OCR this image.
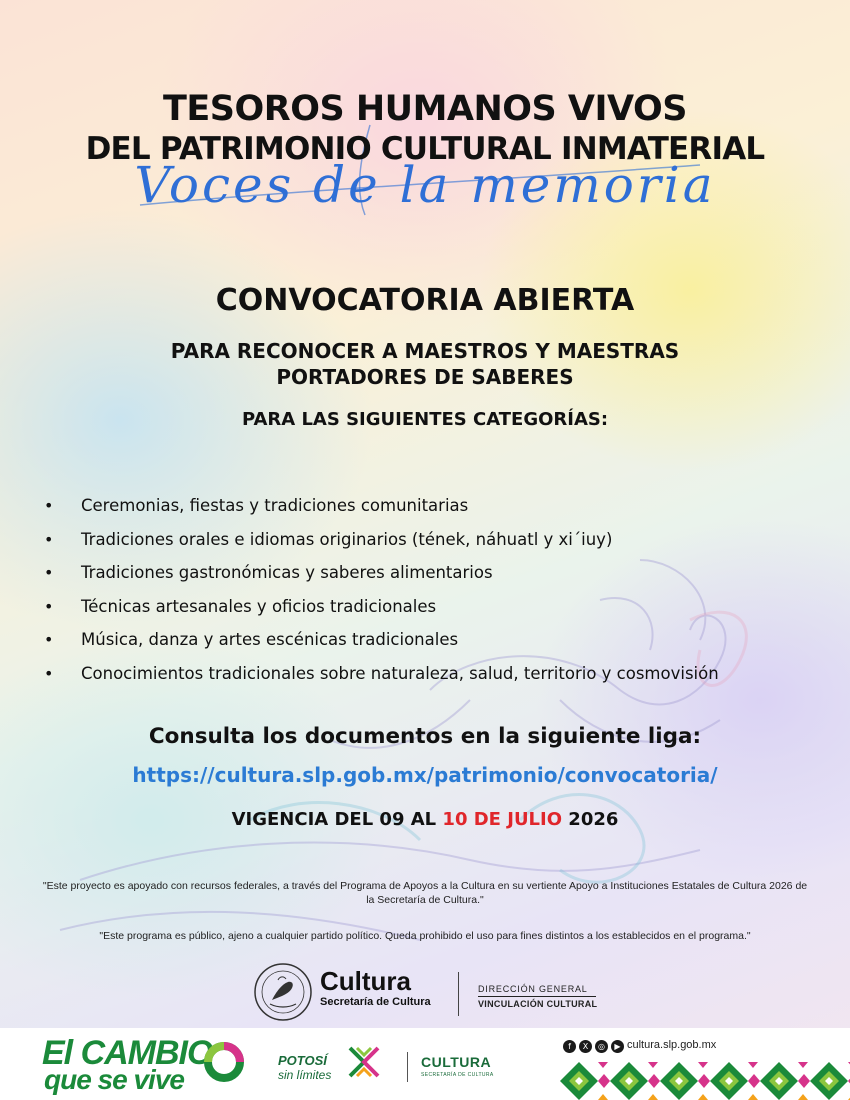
TESOROS HUMANOS VIVOS
DEL PATRIMONIO CULTURAL INMATERIAL
Voces de la memoria
CONVOCATORIA ABIERTA
PARA RECONOCER A MAESTROS Y MAESTRAS
PORTADORES DE SABERES
PARA LAS SIGUIENTES CATEGORÍAS:
• Ceremonias, fiestas y tradiciones comunitarias
• Tradiciones orales e idiomas originarios (tének, náhuatl y xi´iuy)
• Tradiciones gastronómicas y saberes alimentarios
• Técnicas artesanales y oficios tradicionales
• Música, danza y artes escénicas tradicionales
• Conocimientos tradicionales sobre naturaleza, salud, territorio y cosmovisión
Consulta los documentos en la siguiente liga:
https://cultura.slp.gob.mx/patrimonio/convocatoria/
VIGENCIA DEL 09 AL 10 DE JULIO 2026
"Este proyecto es apoyado con recursos federales, a través del Programa de Apoyos a la Cultura en su vertiente Apoyo a Instituciones Estatales de Cultura 2026 de la Secretaría de Cultura."
"Este programa es público, ajeno a cualquier partido político. Queda prohibido el uso para fines distintos a los establecidos en el programa."
Cultura
Secretaría de Cultura
DIRECCIÓN GENERAL
VINCULACIÓN CULTURAL
El CAMBIO
que se vive
POTOSÍ
sin límites
CULTURA
SECRETARÍA DE CULTURA
f	X	◎	▶ cultura.slp.gob.mx
